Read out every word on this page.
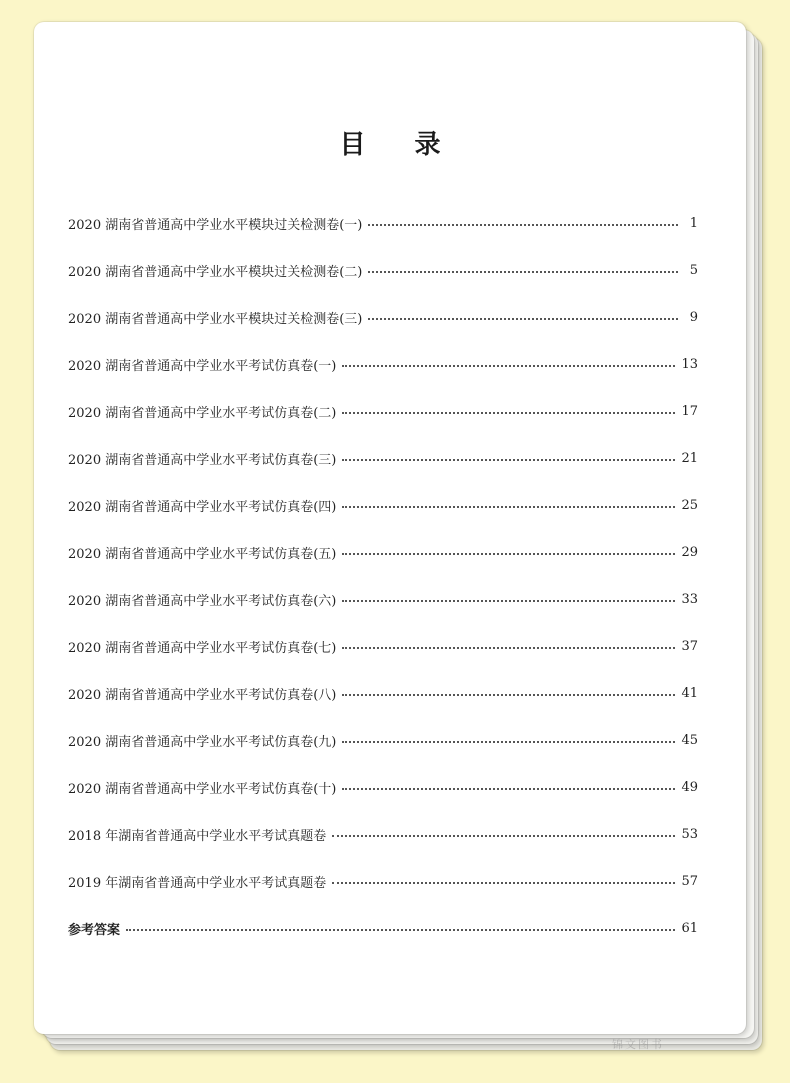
目 录
2020 湖南省普通高中学业水平模块过关检测卷(一)	1
2020 湖南省普通高中学业水平模块过关检测卷(二)	5
2020 湖南省普通高中学业水平模块过关检测卷(三)	9
2020 湖南省普通高中学业水平考试仿真卷(一)	13
2020 湖南省普通高中学业水平考试仿真卷(二)	17
2020 湖南省普通高中学业水平考试仿真卷(三)	21
2020 湖南省普通高中学业水平考试仿真卷(四)	25
2020 湖南省普通高中学业水平考试仿真卷(五)	29
2020 湖南省普通高中学业水平考试仿真卷(六)	33
2020 湖南省普通高中学业水平考试仿真卷(七)	37
2020 湖南省普通高中学业水平考试仿真卷(八)	41
2020 湖南省普通高中学业水平考试仿真卷(九)	45
2020 湖南省普通高中学业水平考试仿真卷(十)	49
2018 年湖南省普通高中学业水平考试真题卷	53
2019 年湖南省普通高中学业水平考试真题卷	57
参考答案	61
锦文图书
